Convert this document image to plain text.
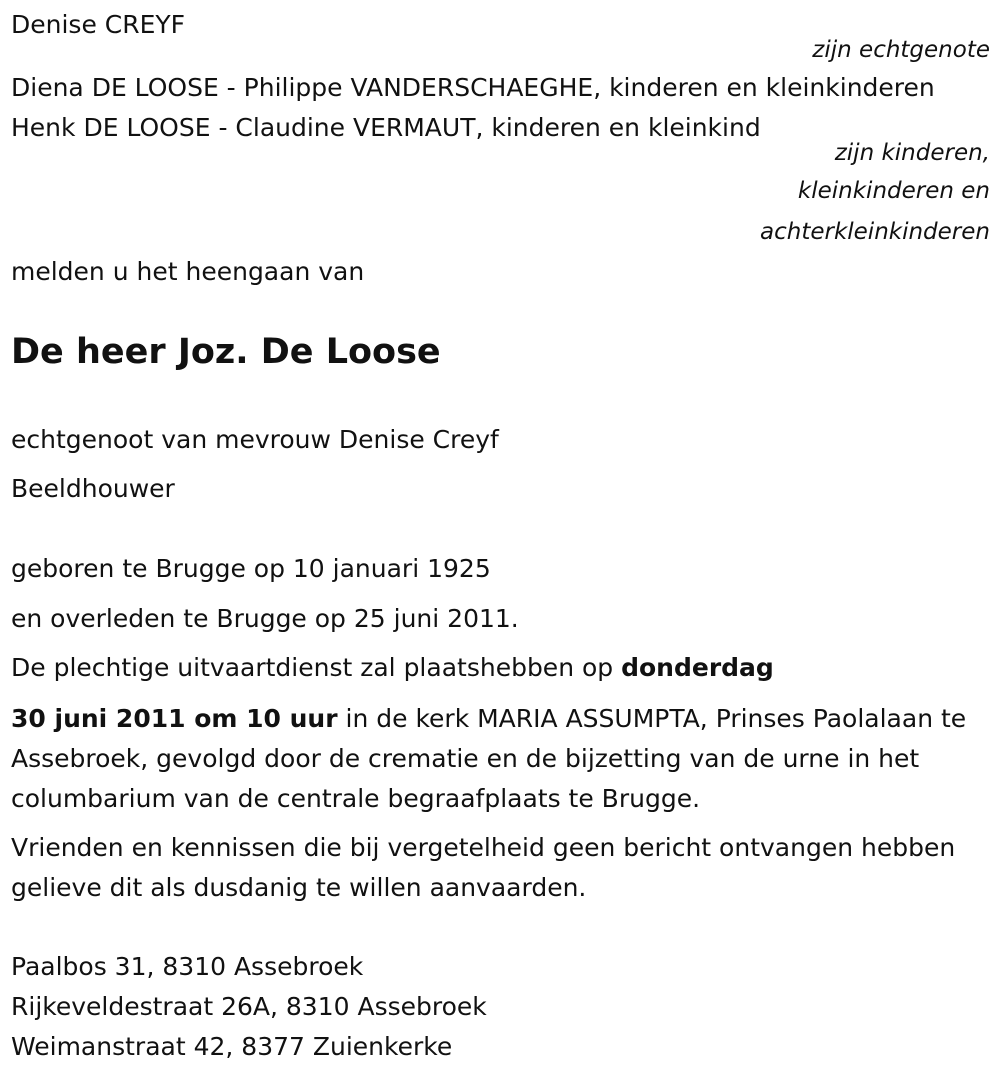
Denise CREYF
zijn echtgenote
Diena DE LOOSE - Philippe VANDERSCHAEGHE, kinderen en kleinkinderen
Henk DE LOOSE - Claudine VERMAUT, kinderen en kleinkind
zijn kinderen,
kleinkinderen en
achterkleinkinderen
melden u het heengaan van
De heer Joz. De Loose
echtgenoot van mevrouw Denise Creyf
Beeldhouwer
geboren te Brugge op 10 januari 1925
en overleden te Brugge op 25 juni 2011.
De plechtige uitvaartdienst zal plaatshebben op donderdag
30 juni 2011 om 10 uur in de kerk MARIA ASSUMPTA, Prinses Paolalaan te Assebroek, gevolgd door de crematie en de bijzetting van de urne in het columbarium van de centrale begraafplaats te Brugge.
Vrienden en kennissen die bij vergetelheid geen bericht ontvangen hebben gelieve dit als dusdanig te willen aanvaarden.
Paalbos 31, 8310 Assebroek
Rijkeveldestraat 26A, 8310 Assebroek
Weimanstraat 42, 8377 Zuienkerke
